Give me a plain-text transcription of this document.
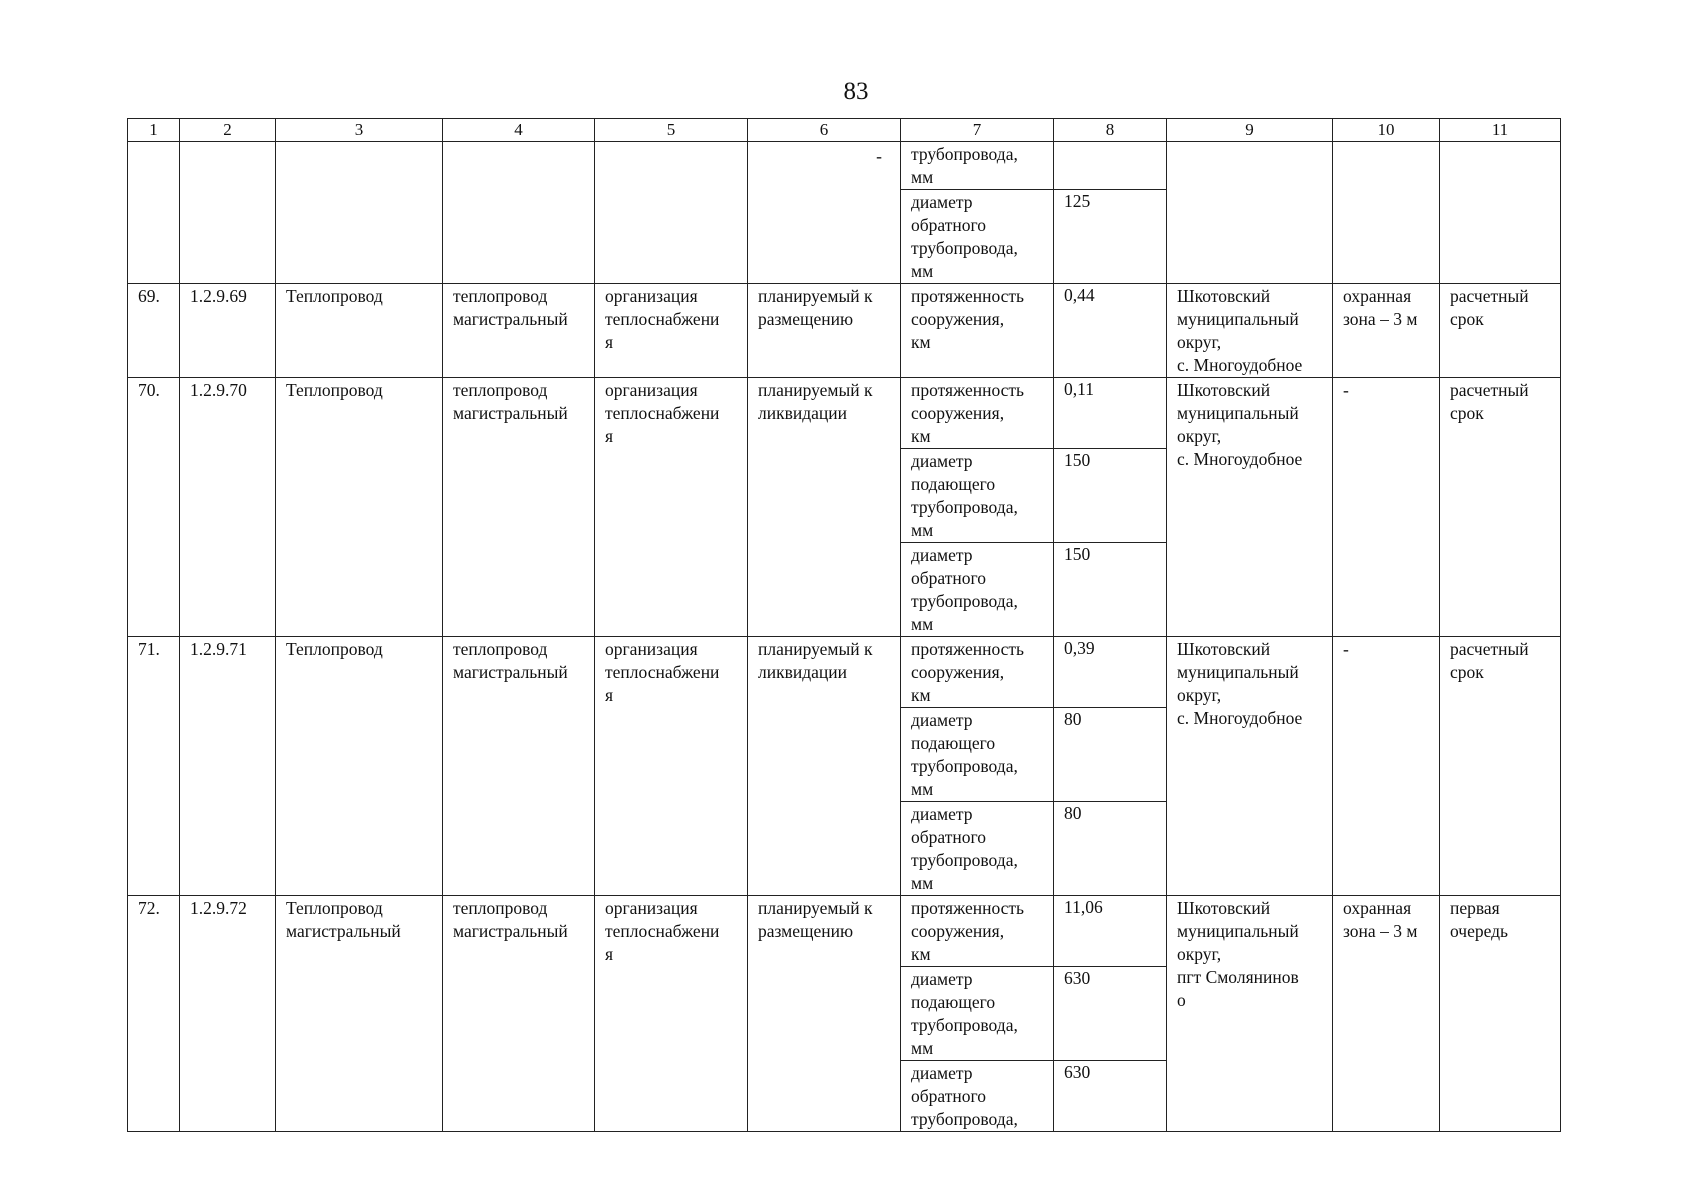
83
1	2	3	4	5	6	7	8	9	10	11

					-	трубопровода,
мм				
						диаметр
обратного
трубопровода,
мм	125			
69.	1.2.9.69	Теплопровод	теплопровод
магистральный	организация
теплоснабжени
я	планируемый к
размещению	протяженность
сооружения,
км	0,44	Шкотовский
муниципальный
округ,
с. Многоудобное	охранная
зона – 3 м	расчетный
срок
70.	1.2.9.70	Теплопровод	теплопровод
магистральный	организация
теплоснабжени
я	планируемый к
ликвидации	протяженность
сооружения,
км	0,11	Шкотовский
муниципальный
округ,
с. Многоудобное	-	расчетный
срок
						диаметр
подающего
трубопровода,
мм	150			
						диаметр
обратного
трубопровода,
мм	150			
71.	1.2.9.71	Теплопровод	теплопровод
магистральный	организация
теплоснабжени
я	планируемый к
ликвидации	протяженность
сооружения,
км	0,39	Шкотовский
муниципальный
округ,
с. Многоудобное	-	расчетный
срок
						диаметр
подающего
трубопровода,
мм	80			
						диаметр
обратного
трубопровода,
мм	80			
72.	1.2.9.72	Теплопровод
магистральный	теплопровод
магистральный	организация
теплоснабжени
я	планируемый к
размещению	протяженность
сооружения,
км	11,06	Шкотовский
муниципальный
округ,
пгт Смолянинов
о	охранная
зона – 3 м	первая
очередь
						диаметр
подающего
трубопровода,
мм	630			
						диаметр
обратного
трубопровода,	630			
